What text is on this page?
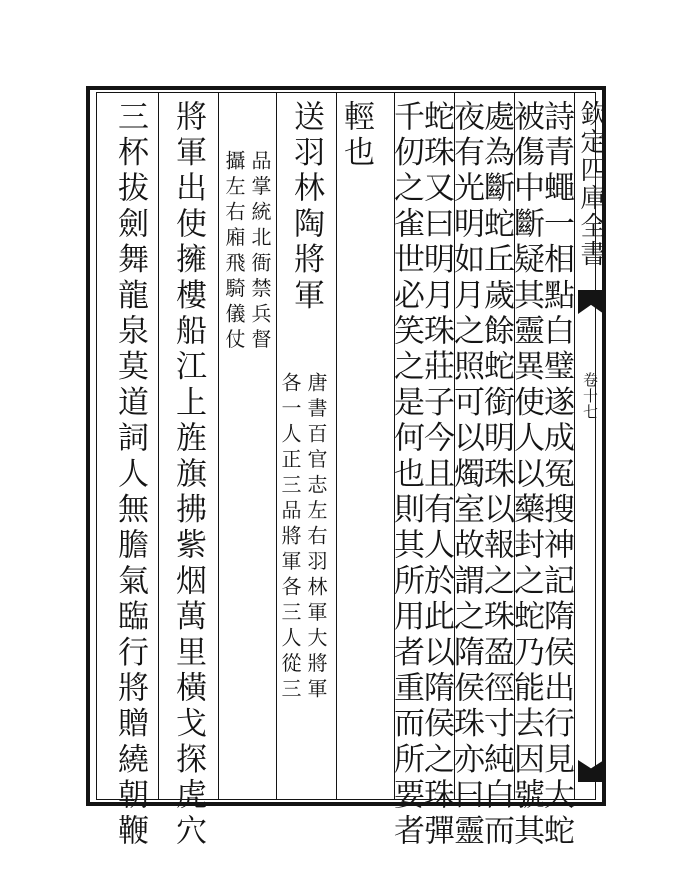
欽定四庫全書
卷十七
詩青蠅一相點白璧遂成冤搜神記隋侯出行見大蛇
被傷中斷疑其靈異使人以藥封之蛇乃能去因號其
處為斷蛇丘歲餘蛇銜明珠以報之珠盈徑寸純白而
夜有光明如月之照可以燭室故謂之隋侯珠亦曰靈
蛇珠又曰明月珠莊子今且有人於此以隋侯之珠彈
千仞之雀世必笑之是何也則其所用者重而所要者
輕也
送羽林陶將軍
唐書百官志左右羽林軍大將軍
各一人正三品將軍各三人從三
品掌統北衙禁兵督
攝左右廂飛騎儀仗
將軍出使擁樓船江上旌旗拂紫烟萬里橫戈探虎穴
三杯拔劍舞龍泉莫道詞人無膽氣臨行將贈繞朝鞭
